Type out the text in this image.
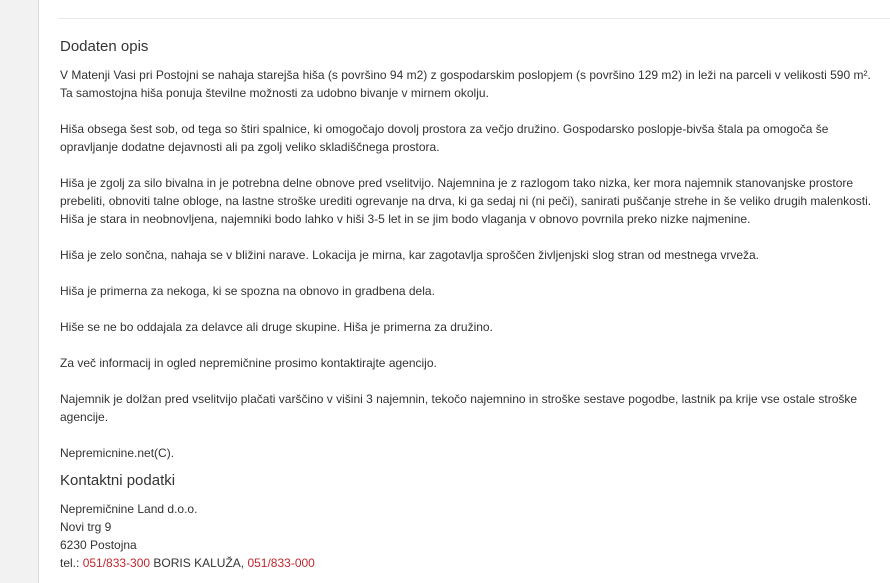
Dodaten opis

V Matenji Vasi pri Postojni se nahaja starejša hiša (s površino 94 m2) z gospodarskim poslopjem (s površino 129 m2) in leži na parceli v velikosti 590 m². Ta samostojna hiša ponuja številne možnosti za udobno bivanje v mirnem okolju.

Hiša obsega šest sob, od tega so štiri spalnice, ki omogočajo dovolj prostora za večjo družino. Gospodarsko poslopje-bivša štala pa omogoča še opravljanje dodatne dejavnosti ali pa zgolj veliko skladiščnega prostora.

Hiša je zgolj za silo bivalna in je potrebna delne obnove pred vselitvijo. Najemnina je z razlogom tako nizka, ker mora najemnik stanovanjske prostore prebeliti, obnoviti talne obloge, na lastne stroške urediti ogrevanje na drva, ki ga sedaj ni (ni peči), sanirati puščanje strehe in še veliko drugih malenkosti. Hiša je stara in neobnovljena, najemniki bodo lahko v hiši 3-5 let in se jim bodo vlaganja v obnovo povrnila preko nizke najmenine.

Hiša je zelo sončna, nahaja se v bližini narave. Lokacija je mirna, kar zagotavlja sproščen življenjski slog stran od mestnega vrveža.

Hiša je primerna za nekoga, ki se spozna na obnovo in gradbena dela.

Hiše se ne bo oddajala za delavce ali druge skupine. Hiša je primerna za družino.

Za več informacij in ogled nepremičnine prosimo kontaktirajte agencijo.

Najemnik je dolžan pred vselitvijo plačati varščino v višini 3 najemnin, tekočo najemnino in stroške sestave pogodbe, lastnik pa krije vse ostale stroške agencije.

Nepremicnine.net(C).

Kontaktni podatki

Nepremičnine Land d.o.o.

Novi trg 9

6230 Postojna

tel.: 051/833-300 BORIS KALUŽA, 051/833-000
